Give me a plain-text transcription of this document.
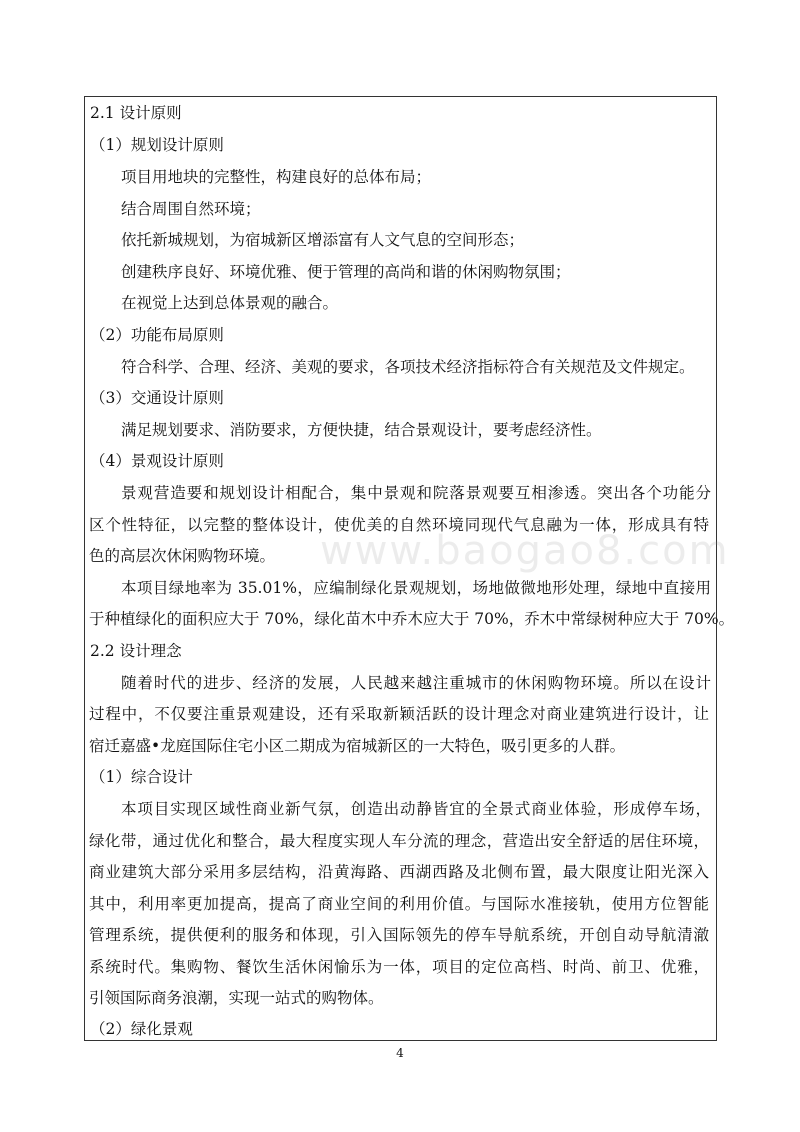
2.1 设计原则
（1）规划设计原则
项目用地块的完整性，构建良好的总体布局；
结合周围自然环境；
依托新城规划，为宿城新区增添富有人文气息的空间形态；
创建秩序良好、环境优雅、便于管理的高尚和谐的休闲购物氛围；
在视觉上达到总体景观的融合。
（2）功能布局原则
符合科学、合理、经济、美观的要求，各项技术经济指标符合有关规范及文件规定。
（3）交通设计原则
满足规划要求、消防要求，方便快捷，结合景观设计，要考虑经济性。
（4）景观设计原则
景观营造要和规划设计相配合，集中景观和院落景观要互相渗透。突出各个功能分
区个性特征，以完整的整体设计，使优美的自然环境同现代气息融为一体，形成具有特
色的高层次休闲购物环境。
本项目绿地率为 35.01%，应编制绿化景观规划，场地做微地形处理，绿地中直接用
于种植绿化的面积应大于 70%，绿化苗木中乔木应大于 70%，乔木中常绿树种应大于 70%。
2.2 设计理念
随着时代的进步、经济的发展，人民越来越注重城市的休闲购物环境。所以在设计
过程中，不仅要注重景观建设，还有采取新颖活跃的设计理念对商业建筑进行设计，让
宿迁嘉盛•龙庭国际住宅小区二期成为宿城新区的一大特色，吸引更多的人群。
（1）综合设计
本项目实现区域性商业新气氛，创造出动静皆宜的全景式商业体验，形成停车场，
绿化带，通过优化和整合，最大程度实现人车分流的理念，营造出安全舒适的居住环境，
商业建筑大部分采用多层结构，沿黄海路、西湖西路及北侧布置，最大限度让阳光深入
其中，利用率更加提高，提高了商业空间的利用价值。与国际水准接轨，使用方位智能
管理系统，提供便利的服务和体现，引入国际领先的停车导航系统，开创自动导航清澈
系统时代。集购物、餐饮生活休闲愉乐为一体，项目的定位高档、时尚、前卫、优雅，
引领国际商务浪潮，实现一站式的购物体。
（2）绿化景观
www.baogao8.com
4
